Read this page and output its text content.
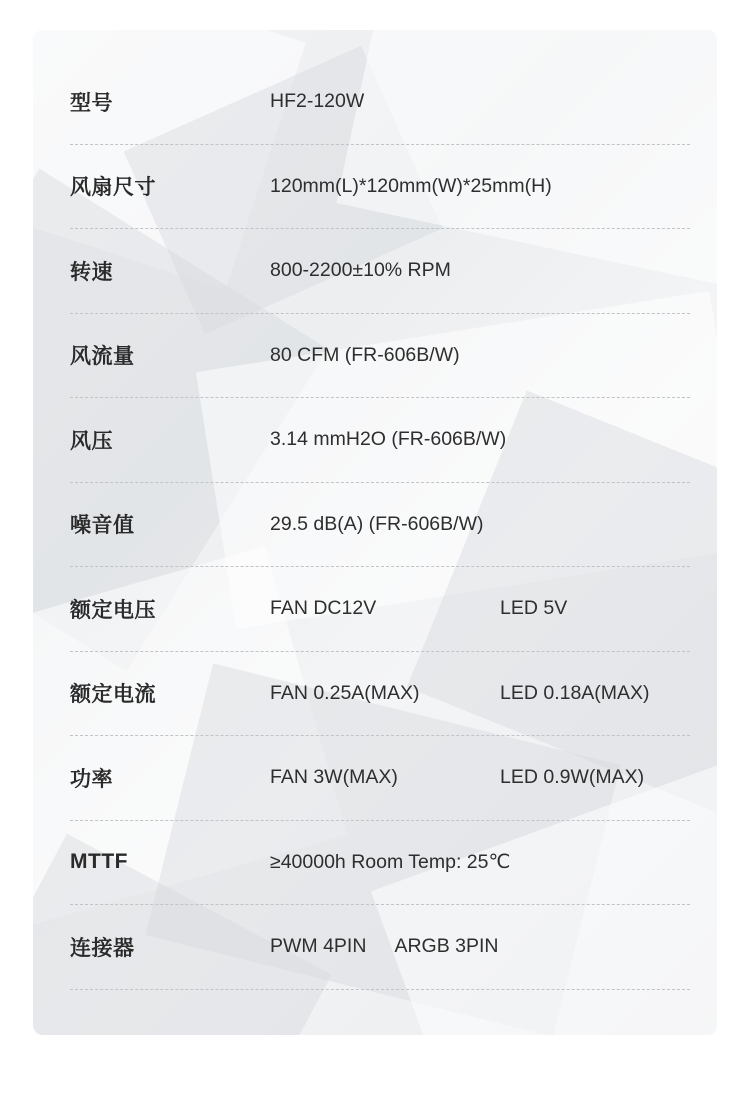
型号	HF2-120W
风扇尺寸	120mm(L)*120mm(W)*25mm(H)
转速	800-2200±10% RPM
风流量	80 CFM (FR-606B/W)
风压	3.14 mmH2O (FR-606B/W)
噪音值	29.5 dB(A) (FR-606B/W)
额定电压	FAN DC12V	LED 5V
额定电流	FAN 0.25A(MAX)	LED 0.18A(MAX)
功率	FAN 3W(MAX)	LED 0.9W(MAX)
MTTF	≥40000h Room Temp: 25℃
连接器	PWM 4PIN ARGB 3PIN
